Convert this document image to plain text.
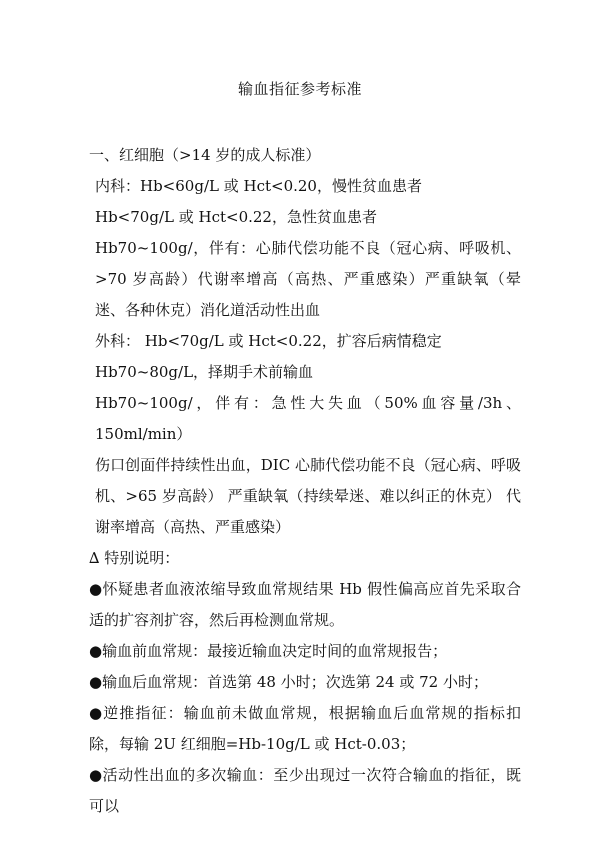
输血指征参考标准

一、红细胞（>14 岁的成人标准）

内科：Hb<60g/L 或 Hct<0.20，慢性贫血患者

Hb<70g/L 或 Hct<0.22，急性贫血患者

Hb70~100g/，伴有：心肺代偿功能不良（冠心病、呼吸机、>70 岁高龄）代谢率增高（高热、严重感染）严重缺氧（晕迷、各种休克）消化道活动性出血

外科： Hb<70g/L 或 Hct<0.22，扩容后病情稳定

Hb70~80g/L，择期手术前输血

Hb70~100g/，伴有：急性大失血（50%血容量/3h、150ml/min）

伤口创面伴持续性出血，DIC 心肺代偿功能不良（冠心病、呼吸机、>65 岁高龄） 严重缺氧（持续晕迷、难以纠正的休克） 代谢率增高（高热、严重感染）

∆ 特别说明：

●怀疑患者血液浓缩导致血常规结果 Hb 假性偏高应首先采取合适的扩容剂扩容，然后再检测血常规。

●输血前血常规：最接近输血决定时间的血常规报告；

●输血后血常规：首选第 48 小时；次选第 24 或 72 小时；

●逆推指征：输血前未做血常规，根据输血后血常规的指标扣除，每输 2U 红细胞=Hb-10g/L 或 Hct-0.03；

●活动性出血的多次输血：至少出现过一次符合输血的指征，既可以
